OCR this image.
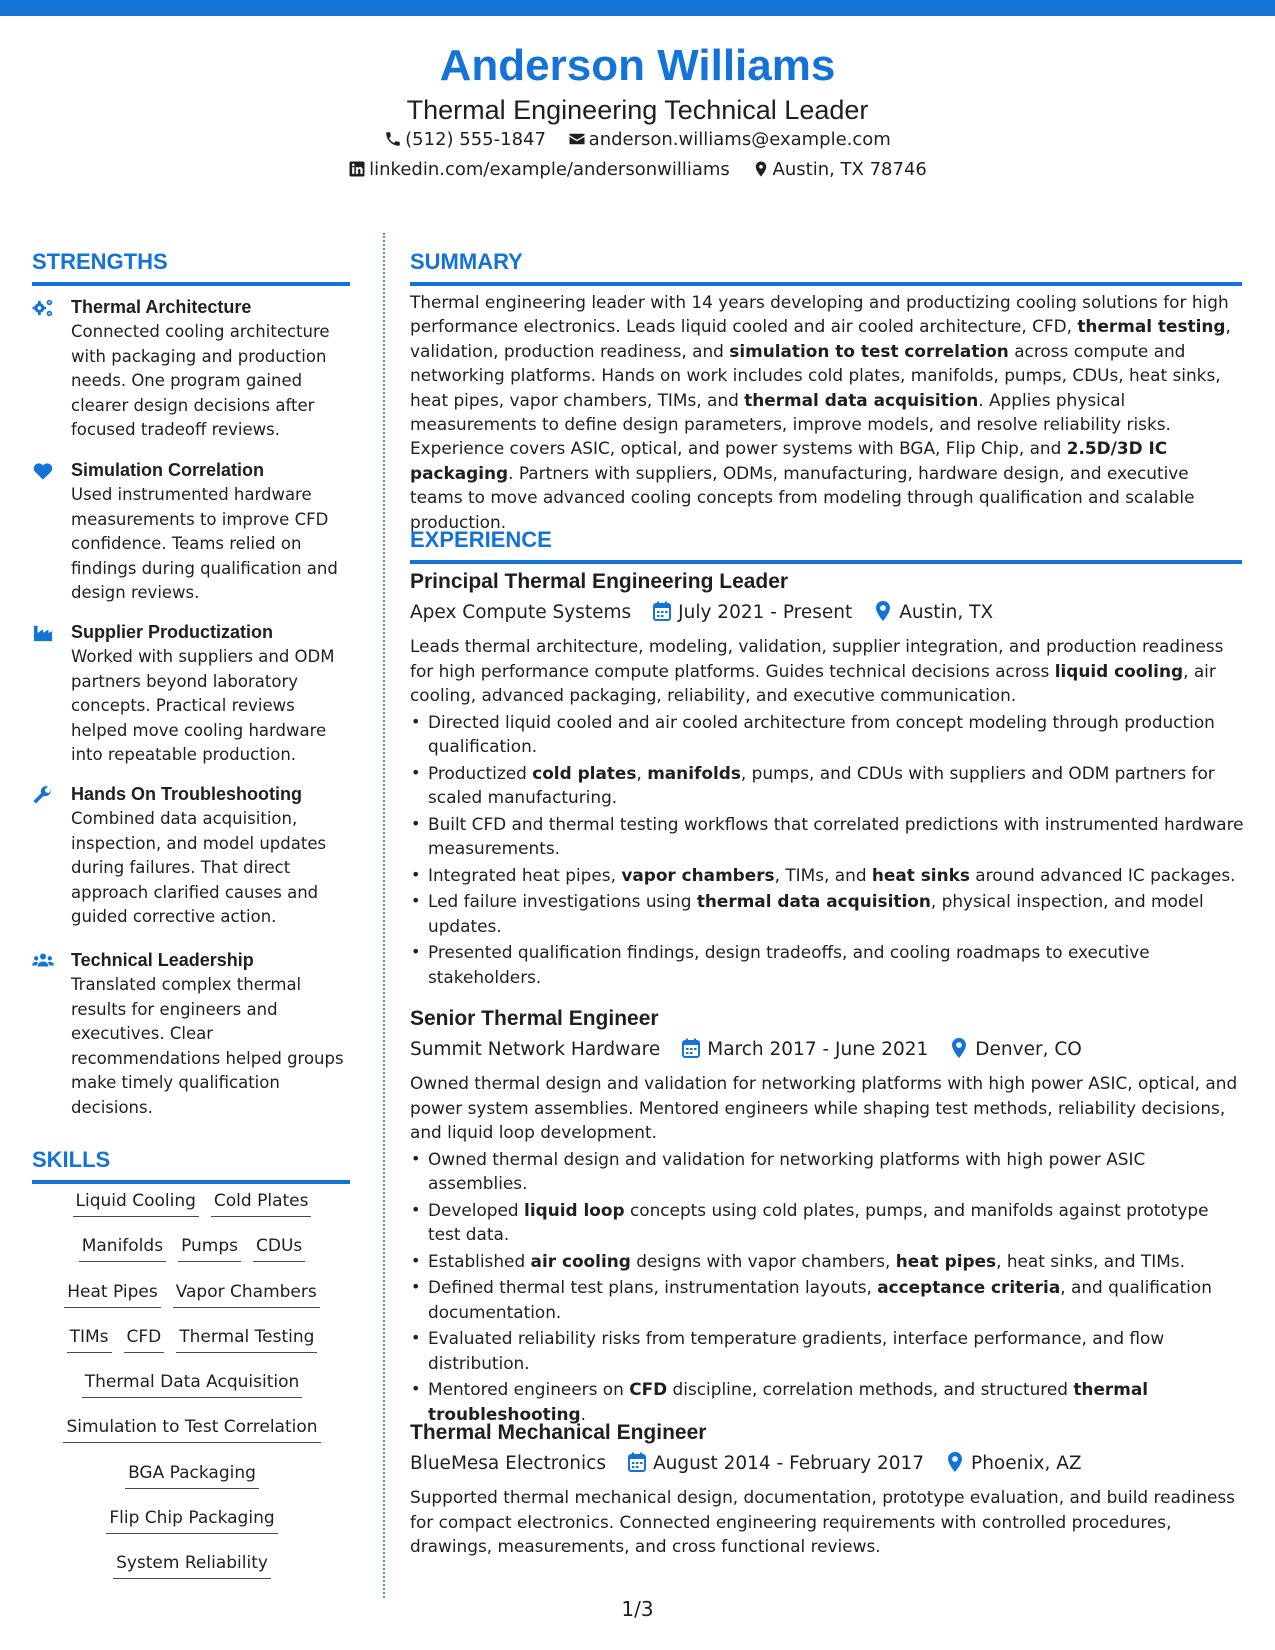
Anderson Williams
Thermal Engineering Technical Leader
(512) 555-1847 anderson.williams@example.com
linkedin.com/example/andersonwilliams Austin, TX 78746
STRENGTHS
Thermal Architecture
Connected cooling architecture with packaging and production needs. One program gained clearer design decisions after focused tradeoff reviews.
Simulation Correlation
Used instrumented hardware measurements to improve CFD confidence. Teams relied on findings during qualification and design reviews.
Supplier Productization
Worked with suppliers and ODM partners beyond laboratory concepts. Practical reviews helped move cooling hardware into repeatable production.
Hands On Troubleshooting
Combined data acquisition, inspection, and model updates during failures. That direct approach clarified causes and guided corrective action.
Technical Leadership
Translated complex thermal results for engineers and executives. Clear recommendations helped groups make timely qualification decisions.
SKILLS
Liquid Cooling Cold Plates
Manifolds Pumps CDUs
Heat Pipes Vapor Chambers
TIMs CFD Thermal Testing
Thermal Data Acquisition
Simulation to Test Correlation
BGA Packaging
Flip Chip Packaging
System Reliability
SUMMARY
Thermal engineering leader with 14 years developing and productizing cooling solutions for high performance electronics. Leads liquid cooled and air cooled architecture, CFD, thermal testing, validation, production readiness, and simulation to test correlation across compute and networking platforms. Hands on work includes cold plates, manifolds, pumps, CDUs, heat sinks, heat pipes, vapor chambers, TIMs, and thermal data acquisition. Applies physical measurements to define design parameters, improve models, and resolve reliability risks. Experience covers ASIC, optical, and power systems with BGA, Flip Chip, and 2.5D/3D IC packaging. Partners with suppliers, ODMs, manufacturing, hardware design, and executive teams to move advanced cooling concepts from modeling through qualification and scalable production.
EXPERIENCE
Principal Thermal Engineering Leader
Apex Compute Systems	July 2021 - Present	Austin, TX
Leads thermal architecture, modeling, validation, supplier integration, and production readiness for high performance compute platforms. Guides technical decisions across liquid cooling, air cooling, advanced packaging, reliability, and executive communication.
• Directed liquid cooled and air cooled architecture from concept modeling through production qualification.
• Productized cold plates, manifolds, pumps, and CDUs with suppliers and ODM partners for scaled manufacturing.
• Built CFD and thermal testing workflows that correlated predictions with instrumented hardware measurements.
• Integrated heat pipes, vapor chambers, TIMs, and heat sinks around advanced IC packages.
• Led failure investigations using thermal data acquisition, physical inspection, and model updates.
• Presented qualification findings, design tradeoffs, and cooling roadmaps to executive stakeholders.
Senior Thermal Engineer
Summit Network Hardware	March 2017 - June 2021	Denver, CO
Owned thermal design and validation for networking platforms with high power ASIC, optical, and power system assemblies. Mentored engineers while shaping test methods, reliability decisions, and liquid loop development.
• Owned thermal design and validation for networking platforms with high power ASIC assemblies.
• Developed liquid loop concepts using cold plates, pumps, and manifolds against prototype test data.
• Established air cooling designs with vapor chambers, heat pipes, heat sinks, and TIMs.
• Defined thermal test plans, instrumentation layouts, acceptance criteria, and qualification documentation.
• Evaluated reliability risks from temperature gradients, interface performance, and flow distribution.
• Mentored engineers on CFD discipline, correlation methods, and structured thermal troubleshooting.
Thermal Mechanical Engineer
BlueMesa Electronics	August 2014 - February 2017	Phoenix, AZ
Supported thermal mechanical design, documentation, prototype evaluation, and build readiness for compact electronics. Connected engineering requirements with controlled procedures, drawings, measurements, and cross functional reviews.
1/3
